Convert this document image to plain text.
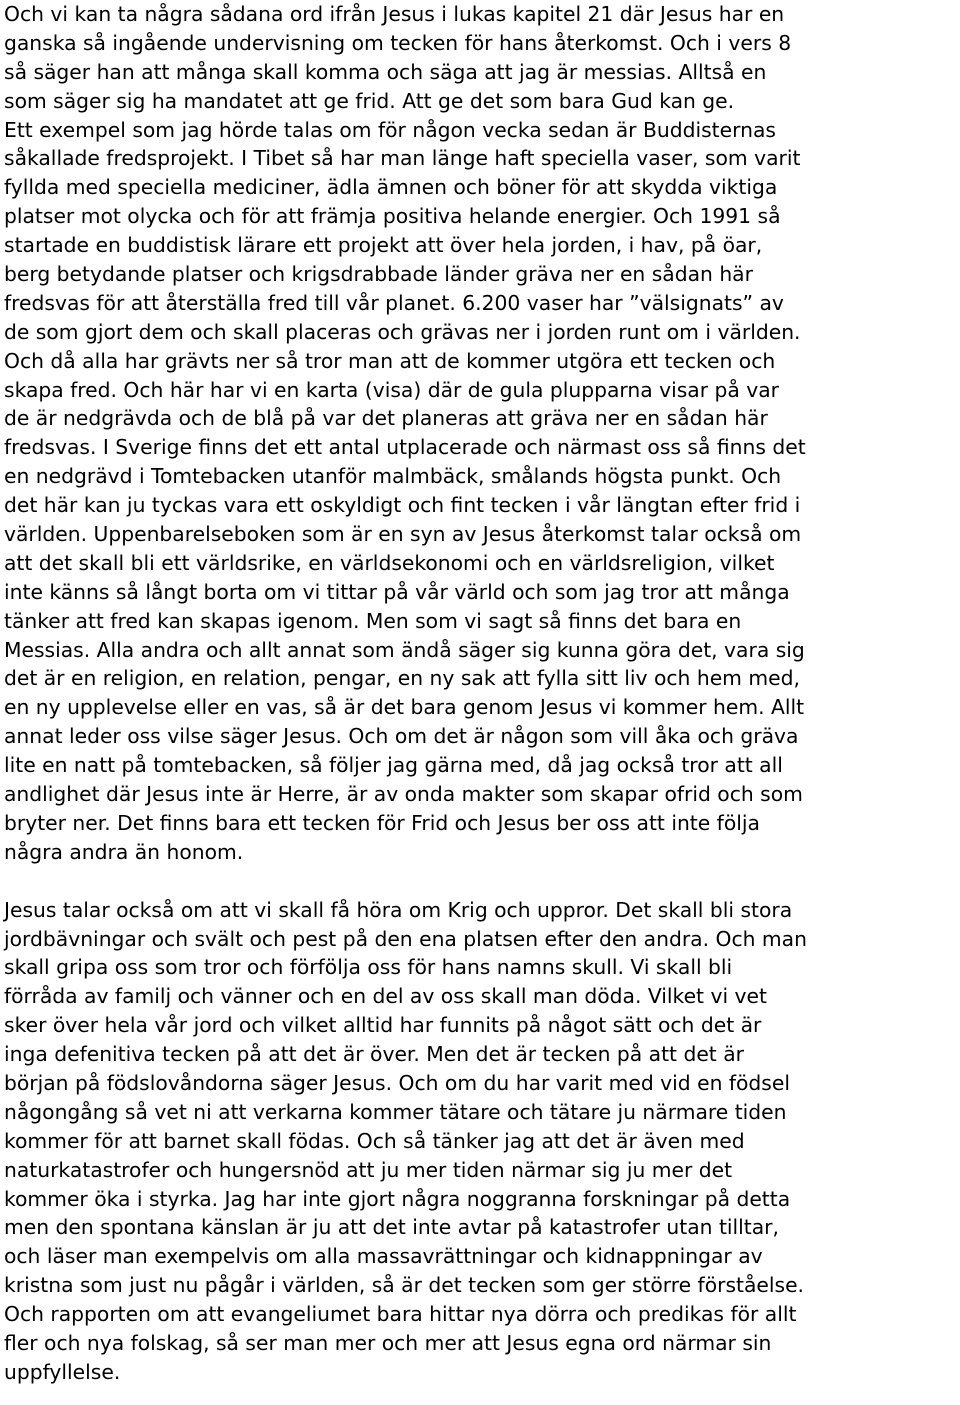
Och vi kan ta några sådana ord ifrån Jesus i lukas kapitel 21 där Jesus har en
ganska så ingående undervisning om tecken för hans återkomst. Och i vers 8
så säger han att många skall komma och säga att jag är messias. Alltså en
som säger sig ha mandatet att ge frid. Att ge det som bara Gud kan ge.
Ett exempel som jag hörde talas om för någon vecka sedan är Buddisternas
såkallade fredsprojekt. I Tibet så har man länge haft speciella vaser, som varit
fyllda med speciella mediciner, ädla ämnen och böner för att skydda viktiga
platser mot olycka och för att främja positiva helande energier. Och 1991 så
startade en buddistisk lärare ett projekt att över hela jorden, i hav, på öar,
berg betydande platser och krigsdrabbade länder gräva ner en sådan här
fredsvas för att återställa fred till vår planet. 6.200 vaser har ”välsignats” av
de som gjort dem och skall placeras och grävas ner i jorden runt om i världen.
Och då alla har grävts ner så tror man att de kommer utgöra ett tecken och
skapa fred. Och här har vi en karta (visa) där de gula plupparna visar på var
de är nedgrävda och de blå på var det planeras att gräva ner en sådan här
fredsvas. I Sverige finns det ett antal utplacerade och närmast oss så finns det
en nedgrävd i Tomtebacken utanför malmbäck, smålands högsta punkt. Och
det här kan ju tyckas vara ett oskyldigt och fint tecken i vår längtan efter frid i
världen. Uppenbarelseboken som är en syn av Jesus återkomst talar också om
att det skall bli ett världsrike, en världsekonomi och en världsreligion, vilket
inte känns så långt borta om vi tittar på vår värld och som jag tror att många
tänker att fred kan skapas igenom. Men som vi sagt så finns det bara en
Messias. Alla andra och allt annat som ändå säger sig kunna göra det, vara sig
det är en religion, en relation, pengar, en ny sak att fylla sitt liv och hem med,
en ny upplevelse eller en vas, så är det bara genom Jesus vi kommer hem. Allt
annat leder oss vilse säger Jesus. Och om det är någon som vill åka och gräva
lite en natt på tomtebacken, så följer jag gärna med, då jag också tror att all
andlighet där Jesus inte är Herre, är av onda makter som skapar ofrid och som
bryter ner. Det finns bara ett tecken för Frid och Jesus ber oss att inte följa
några andra än honom.
Jesus talar också om att vi skall få höra om Krig och uppror. Det skall bli stora
jordbävningar och svält och pest på den ena platsen efter den andra. Och man
skall gripa oss som tror och förfölja oss för hans namns skull. Vi skall bli
förråda av familj och vänner och en del av oss skall man döda. Vilket vi vet
sker över hela vår jord och vilket alltid har funnits på något sätt och det är
inga defenitiva tecken på att det är över. Men det är tecken på att det är
början på födslovåndorna säger Jesus. Och om du har varit med vid en födsel
någongång så vet ni att verkarna kommer tätare och tätare ju närmare tiden
kommer för att barnet skall födas. Och så tänker jag att det är även med
naturkatastrofer och hungersnöd att ju mer tiden närmar sig ju mer det
kommer öka i styrka. Jag har inte gjort några noggranna forskningar på detta
men den spontana känslan är ju att det inte avtar på katastrofer utan tilltar,
och läser man exempelvis om alla massavrättningar och kidnappningar av
kristna som just nu pågår i världen, så är det tecken som ger större förståelse.
Och rapporten om att evangeliumet bara hittar nya dörra och predikas för allt
fler och nya folskag, så ser man mer och mer att Jesus egna ord närmar sin
uppfyllelse.
